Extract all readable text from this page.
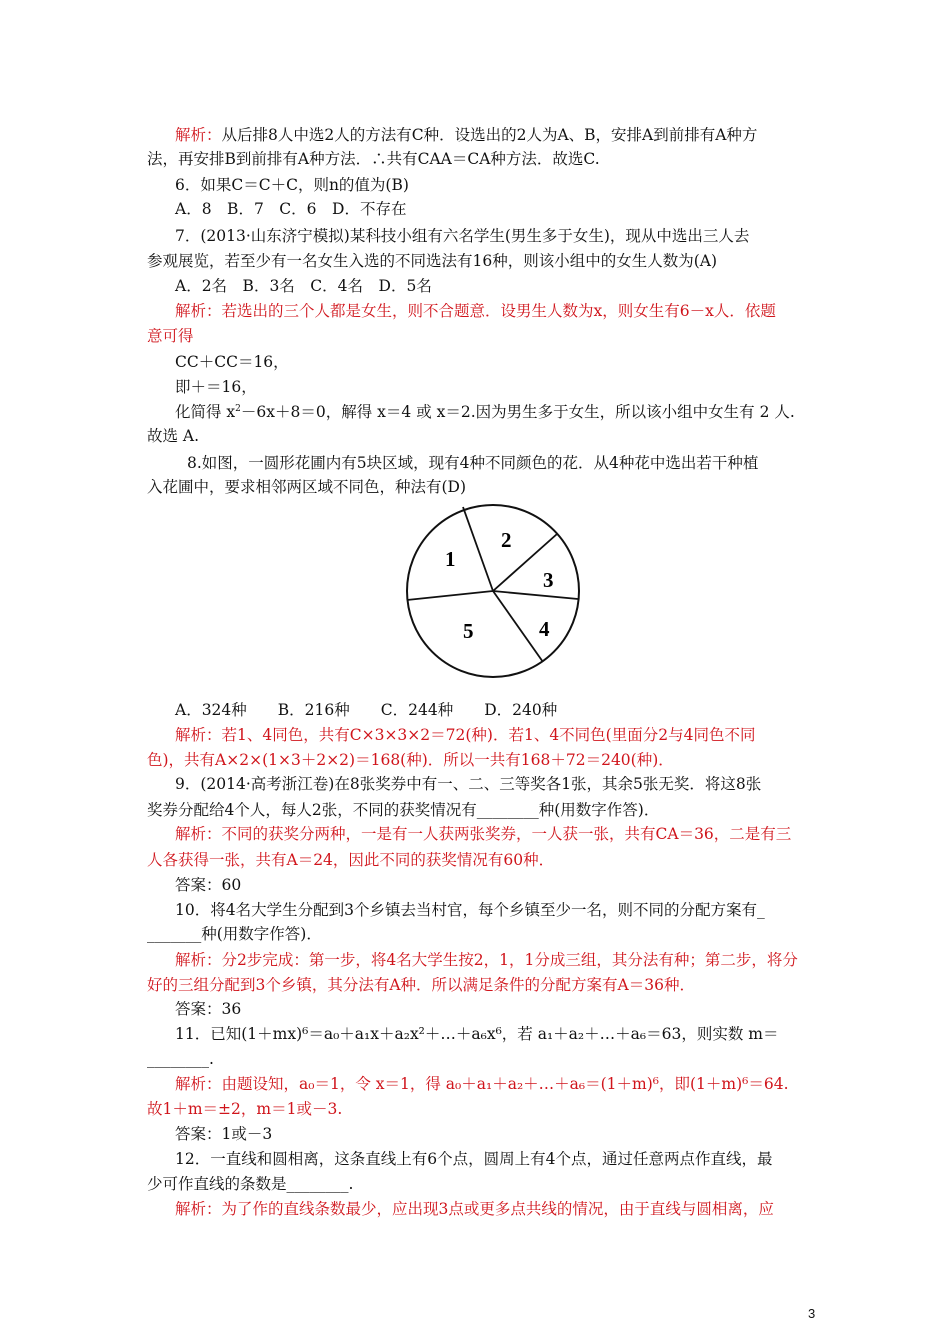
解析：从后排8人中选2人的方法有C种．设选出的2人为A、B，安排A到前排有A种方
法，再安排B到前排有A种方法．∴共有CAA＝CA种方法．故选C.
6．如果C＝C＋C，则n的值为(B)
A．8　B．7　C．6　D．不存在
7．(2013·山东济宁模拟)某科技小组有六名学生(男生多于女生)，现从中选出三人去
参观展览，若至少有一名女生入选的不同选法有16种，则该小组中的女生人数为(A)
A．2名　B．3名　C．4名　D．5名
解析：若选出的三个人都是女生，则不合题意．设男生人数为x，则女生有6－x人．依题
意可得
CC＋CC＝16，
即＋＝16，
化简得 $x^2-6x+8=0$，解得 x＝4 或 x＝2.因为男生多于女生，所以该小组中女生有 2 人.
故选 A.
8.如图，一圆形花圃内有5块区域，现有4种不同颜色的花．从4种花中选出若干种植
入花圃中，要求相邻两区域不同色，种法有(D)
1
2
3
4
5
A．324种　　B．216种　　C．244种　　D．240种
解析：若1、4同色，共有C×3×3×2＝72(种)．若1、4不同色(里面分2与4同色不同
色)，共有A×2×(1×3＋2×2)＝168(种)．所以一共有168＋72＝240(种)．
9．(2014·高考浙江卷)在8张奖券中有一、二、三等奖各1张，其余5张无奖．将这8张
奖券分配给4个人，每人2张，不同的获奖情况有________种(用数字作答)．
解析：不同的获奖分两种，一是有一人获两张奖券，一人获一张，共有CA＝36，二是有三
人各获得一张，共有A＝24，因此不同的获奖情况有60种．
答案：60
10．将4名大学生分配到3个乡镇去当村官，每个乡镇至少一名，则不同的分配方案有_
_______种(用数字作答)．
解析：分2步完成：第一步，将4名大学生按2，1，1分成三组，其分法有种；第二步，将分
好的三组分配到3个乡镇，其分法有A种．所以满足条件的分配方案有A＝36种．
答案：36
11．已知(1＋mx)⁶＝a₀＋a₁x＋a₂x²＋…＋a₆x⁶，若 a₁＋a₂＋…＋a₆＝63，则实数 m＝
________.
解析：由题设知，a₀＝1，令 x＝1，得 a₀＋a₁＋a₂＋…＋a₆＝(1＋m)⁶，即(1＋m)⁶＝64.
故1＋m＝±2，m＝1或－3.
答案：1或－3
12．一直线和圆相离，这条直线上有6个点，圆周上有4个点，通过任意两点作直线，最
少可作直线的条数是________.
解析：为了作的直线条数最少，应出现3点或更多点共线的情况，由于直线与圆相离，应
3
